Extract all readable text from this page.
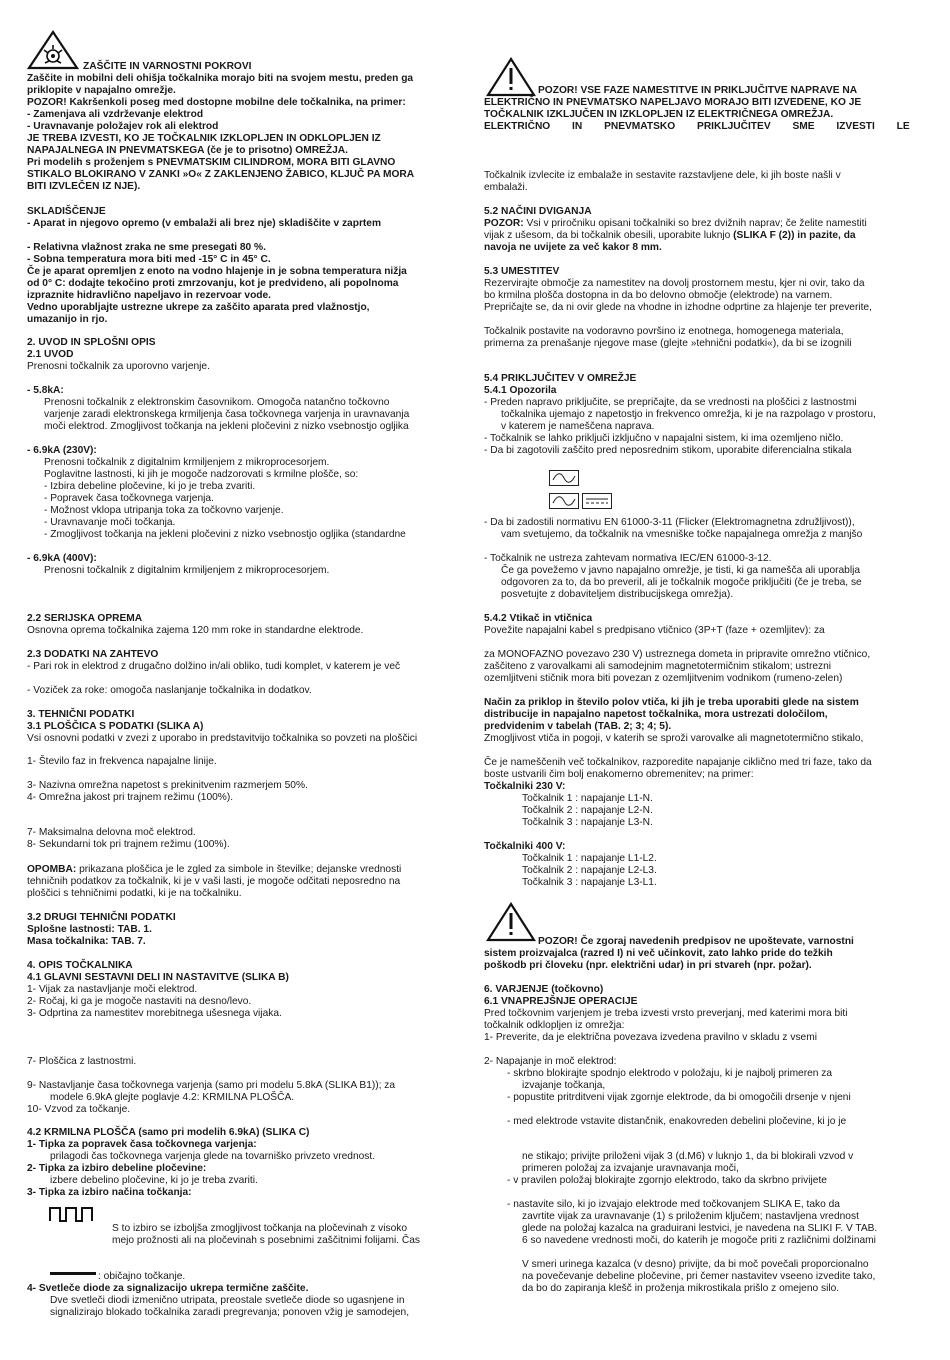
ZAŠČITE IN VARNOSTNI POKROVI
Zaščite in mobilni deli ohišja točkalnika morajo biti na svojem mestu, preden ga
priklopite v napajalno omrežje.
POZOR! Kakršenkoli poseg med dostopne mobilne dele točkalnika, na primer:
- Zamenjava ali vzdrževanje elektrod
- Uravnavanje položajev rok ali elektrod
JE TREBA IZVESTI, KO JE TOČKALNIK IZKLOPLJEN IN ODKLOPLJEN IZ
NAPAJALNEGA IN PNEVMATSKEGA (če je to prisotno) OMREŽJA.
Pri modelih s proženjem s PNEVMATSKIM CILINDROM, MORA BITI GLAVNO
STIKALO BLOKIRANO V ZANKI »O« Z ZAKLENJENO ŽABICO, KLJUČ PA MORA
BITI IZVLEČEN IZ NJE).
SKLADIŠČENJE
- Aparat in njegovo opremo (v embalaži ali brez nje) skladiščite v zaprtem
- Relativna vlažnost zraka ne sme presegati 80 %.
- Sobna temperatura mora biti med -15° C in 45° C.
Če je aparat opremljen z enoto na vodno hlajenje in je sobna temperatura nižja
od 0° C: dodajte tekočino proti zmrzovanju, kot je predvideno, ali popolnoma
izpraznite hidravlično napeljavo in rezervoar vode.
Vedno uporabljajte ustrezne ukrepe za zaščito aparata pred vlažnostjo,
umazanijo in rjo.
2. UVOD IN SPLOŠNI OPIS
2.1 UVOD
Prenosni točkalnik za uporovno varjenje.
- 5.8kA:
Prenosni točkalnik z elektronskim časovnikom. Omogoča natančno točkovno
varjenje zaradi elektronskega krmiljenja časa točkovnega varjenja in uravnavanja
moči elektrod. Zmogljivost točkanja na jekleni pločevini z nizko vsebnostjo ogljika
- 6.9kA (230V):
Prenosni točkalnik z digitalnim krmiljenjem z mikroprocesorjem.
Poglavitne lastnosti, ki jih je mogoče nadzorovati s krmilne plošče, so:
- Izbira debeline pločevine, ki jo je treba zvariti.
- Popravek časa točkovnega varjenja.
- Možnost vklopa utripanja toka za točkovno varjenje.
- Uravnavanje moči točkanja.
- Zmogljivost točkanja na jekleni pločevini z nizko vsebnostjo ogljika (standardne
- 6.9kA (400V):
Prenosni točkalnik z digitalnim krmiljenjem z mikroprocesorjem.
2.2 SERIJSKA OPREMA
Osnovna oprema točkalnika zajema 120 mm roke in standardne elektrode.
2.3 DODATKI NA ZAHTEVO
- Pari rok in elektrod z drugačno dolžino in/ali obliko, tudi komplet, v katerem je več
- Voziček za roke: omogoča naslanjanje točkalnika in dodatkov.
3. TEHNIČNI PODATKI
3.1 PLOŠČICA S PODATKI (SLIKA A)
Vsi osnovni podatki v zvezi z uporabo in predstavitvijo točkalnika so povzeti na ploščici
1- Število faz in frekvenca napajalne linije.
3- Nazivna omrežna napetost s prekinitvenim razmerjem 50%.
4- Omrežna jakost pri trajnem režimu (100%).
7- Maksimalna delovna moč elektrod.
8- Sekundarni tok pri trajnem režimu (100%).
OPOMBA: prikazana ploščica je le zgled za simbole in številke; dejanske vrednosti
tehničnih podatkov za točkalnik, ki je v vaši lasti, je mogoče odčitati neposredno na
ploščici s tehničnimi podatki, ki je na točkalniku.
3.2 DRUGI TEHNIČNI PODATKI
Splošne lastnosti: TAB. 1.
Masa točkalnika: TAB. 7.
4. OPIS TOČKALNIKA
4.1 GLAVNI SESTAVNI DELI IN NASTAVITVE (SLIKA B)
1- Vijak za nastavljanje moči elektrod.
2- Ročaj, ki ga je mogoče nastaviti na desno/levo.
3- Odprtina za namestitev morebitnega ušesnega vijaka.
7- Ploščica z lastnostmi.
9- Nastavljanje časa točkovnega varjenja (samo pri modelu 5.8kA (SLIKA B1)); za
modele 6.9kA glejte poglavje 4.2: KRMILNA PLOŠČA.
10- Vzvod za točkanje.
4.2 KRMILNA PLOŠČA (samo pri modelih 6.9kA) (SLIKA C)
1- Tipka za popravek časa točkovnega varjenja:
prilagodi čas točkovnega varjenja glede na tovarniško privzeto vrednost.
2- Tipka za izbiro debeline pločevine:
izbere debelino pločevine, ki jo je treba zvariti.
3- Tipka za izbiro načina točkanja:
S to izbiro se izboljša zmogljivost točkanja na pločevinah z visoko
mejo prožnosti ali na pločevinah s posebnimi zaščitnimi folijami. Čas
: običajno točkanje.
4- Svetleče diode za signalizacijo ukrepa termične zaščite.
Dve svetleči diodi izmenično utripata, preostale svetleče diode so ugasnjene in
signalizirajo blokado točkalnika zaradi pregrevanja; ponoven vžig je samodejen,
POZOR! VSE FAZE NAMESTITVE IN PRIKLJUČITVE NAPRAVE NA
ELEKTRIČNO IN PNEVMATSKO NAPELJAVO MORAJO BITI IZVEDENE, KO JE
TOČKALNIK IZKLJUČEN IN IZKLOPLJEN IZ ELEKTRIČNEGA OMREŽJA.
ELEKTRIČNO IN PNEVMATSKO PRIKLJUČITEV SME IZVESTI LE
Točkalnik izvlecite iz embalaže in sestavite razstavljene dele, ki jih boste našli v
embalaži.
5.2 NAČINI DVIGANJA
POZOR: Vsi v priročniku opisani točkalniki so brez dvižnih naprav; če želite namestiti
vijak z ušesom, da bi točkalnik obesili, uporabite luknjo (SLIKA F (2)) in pazite, da
navoja ne uvijete za več kakor 8 mm.
5.3 UMESTITEV
Rezervirajte območje za namestitev na dovolj prostornem mestu, kjer ni ovir, tako da
bo krmilna plošča dostopna in da bo delovno območje (elektrode) na varnem.
Prepričajte se, da ni ovir glede na vhodne in izhodne odprtine za hlajenje ter preverite,
Točkalnik postavite na vodoravno površino iz enotnega, homogenega materiala,
primerna za prenašanje njegove mase (glejte »tehnični podatki«), da bi se izognili
5.4 PRIKLJUČITEV V OMREŽJE
5.4.1 Opozorila
- Preden napravo priključite, se prepričajte, da se vrednosti na ploščici z lastnostmi
točkalnika ujemajo z napetostjo in frekvenco omrežja, ki je na razpolago v prostoru,
v katerem je nameščena naprava.
- Točkalnik se lahko priključi izključno v napajalni sistem, ki ima ozemljeno ničlo.
- Da bi zagotovili zaščito pred neposrednim stikom, uporabite diferencialna stikala
- Da bi zadostili normativu EN 61000-3-11 (Flicker (Elektromagnetna združljivost)),
vam svetujemo, da točkalnik na vmesniške točke napajalnega omrežja z manjšo
- Točkalnik ne ustreza zahtevam normativa IEC/EN 61000-3-12.
Če ga povežemo v javno napajalno omrežje, je tisti, ki ga namešča ali uporablja
odgovoren za to, da bo preveril, ali je točkalnik mogoče priključiti (če je treba, se
posvetujte z dobaviteljem distribucijskega omrežja).
5.4.2 Vtikač in vtičnica
Povežite napajalni kabel s predpisano vtičnico (3P+T (faze + ozemljitev): za
za MONOFAZNO povezavo 230 V) ustreznega dometa in pripravite omrežno vtičnico,
zaščiteno z varovalkami ali samodejnim magnetotermičnim stikalom; ustrezni
ozemljitveni stičnik mora biti povezan z ozemljitvenim vodnikom (rumeno-zelen)
Način za priklop in število polov vtiča, ki jih je treba uporabiti glede na sistem
distribucije in napajalno napetost točkalnika, mora ustrezati določilom,
predvidenim v tabelah (TAB. 2; 3; 4; 5).
Zmogljivost vtiča in pogoji, v katerih se sproži varovalke ali magnetotermično stikalo,
Če je nameščenih več točkalnikov, razporedite napajanje ciklično med tri faze, tako da
boste ustvarili čim bolj enakomerno obremenitev; na primer:
Točkalniki 230 V:
Točkalnik 1 : napajanje L1-N.
Točkalnik 2 : napajanje L2-N.
Točkalnik 3 : napajanje L3-N.
Točkalniki 400 V:
Točkalnik 1 : napajanje L1-L2.
Točkalnik 2 : napajanje L2-L3.
Točkalnik 3 : napajanje L3-L1.
POZOR! Če zgoraj navedenih predpisov ne upoštevate, varnostni
sistem proizvajalca (razred I) ni več učinkovit, zato lahko pride do težkih
poškodb pri človeku (npr. električni udar) in pri stvareh (npr. požar).
6. VARJENJE (točkovno)
6.1 VNAPREJŠNJE OPERACIJE
Pred točkovnim varjenjem je treba izvesti vrsto preverjanj, med katerimi mora biti
točkalnik odklopljen iz omrežja:
1- Preverite, da je električna povezava izvedena pravilno v skladu z vsemi
2- Napajanje in moč elektrod:
- skrbno blokirajte spodnjo elektrodo v položaju, ki je najbolj primeren za
izvajanje točkanja,
- popustite pritrditveni vijak zgornje elektrode, da bi omogočili drsenje v njeni
- med elektrode vstavite distančnik, enakovreden debelini pločevine, ki jo je
ne stikajo; privijte priloženi vijak 3 (d.M6) v luknjo 1, da bi blokirali vzvod v
primeren položaj za izvajanje uravnavanja moči,
- v pravilen položaj blokirajte zgornjo elektrodo, tako da skrbno privijete
- nastavite silo, ki jo izvajajo elektrode med točkovanjem SLIKA E, tako da
zavrtite vijak za uravnavanje (1) s priloženim ključem; nastavljena vrednost
glede na položaj kazalca na graduirani lestvici, je navedena na SLIKI F. V TAB.
6 so navedene vrednosti moči, do katerih je mogoče priti z različnimi dolžinami
V smeri urinega kazalca (v desno) privijte, da bi moč povečali proporcionalno
na povečevanje debeline pločevine, pri čemer nastavitev vseeno izvedite tako,
da bo do zapiranja klešč in proženja mikrostikala prišlo z omejeno silo.
